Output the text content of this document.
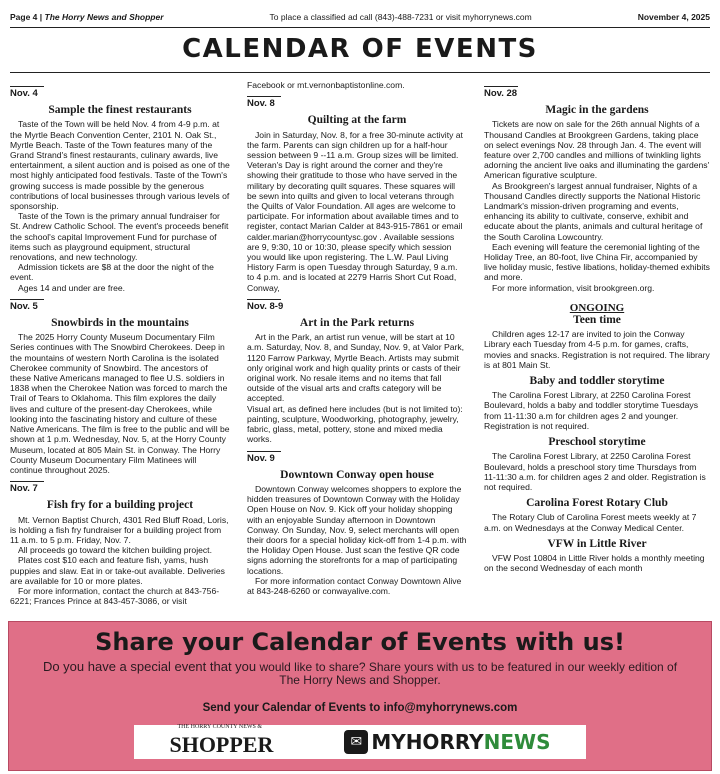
Page 4 | The Horry News and Shopper	To place a classified ad call (843)-488-7231 or visit myhorrynews.com	November 4, 2025
CALENDAR OF EVENTS
Nov. 4
Sample the finest restaurants

Taste of the Town will be held Nov. 4 from 4-9 p.m. at the Myrtle Beach Convention Center, 2101 N. Oak St., Myrtle Beach. Taste of the Town features many of the Grand Strand's finest restaurants, culinary awards, live entertainment, a silent auction and is poised as one of the most highly anticipated food festivals. Taste of the Town's growing success is made possible by the generous contributions of local businesses through various levels of sponsorship.

Taste of the Town is the primary annual fundraiser for St. Andrew Catholic School. The event's proceeds benefit the school's capital Improvement Fund for purchase of items such as playground equipment, structural renovations, and new technology.

Admission tickets are $8 at the door the night of the event.

Ages 14 and under are free.

Nov. 5
Snowbirds in the mountains

The 2025 Horry County Museum Documentary Film Series continues with The Snowbird Cherokees. Deep in the mountains of western North Carolina is the isolated Cherokee community of Snowbird. The ancestors of these Native Americans managed to flee U.S. soldiers in 1838 when the Cherokee Nation was forced to march the Trail of Tears to Oklahoma. This film explores the daily lives and culture of the present-day Cherokees, while looking into the fascinating history and culture of these Native Americans. The film is free to the public and will be shown at 1 p.m. Wednesday, Nov. 5, at the Horry County Museum, located at 805 Main St. in Conway. The Horry County Museum Documentary Film Matinees will continue throughout 2025.

Nov. 7
Fish fry for a building project

Mt. Vernon Baptist Church, 4301 Red Bluff Road, Loris, is holding a fish fry fundraiser for a building project from 11 a.m. to 5 p.m. Friday, Nov. 7.

All proceeds go toward the kitchen building project.

Plates cost $10 each and feature fish, yams, hush puppies and slaw. Eat in or take-out available. Deliveries are available for 10 or more plates.

For more information, contact the church at 843-756-6221; Frances Prince at 843-457-3086, or visit

Facebook or mt.vernonbaptistonline.com.

Nov. 8
Quilting at the farm

Join in Saturday, Nov. 8, for a free 30-minute activity at the farm. Parents can sign children up for a half-hour session between 9 --11 a.m. Group sizes will be limited. Veteran's Day is right around the corner and they're showing their gratitude to those who have served in the military by decorating quilt squares. These squares will be sewn into quilts and given to local veterans through the Quilts of Valor Foundation. All ages are welcome to participate. For information about available times and to register, contact Marian Calder at 843-915-7861 or email calder.marian@horrycountysc.gov . Available sessions are 9, 9:30, 10 or 10:30, please specify which session you would like upon registering. The L.W. Paul Living History Farm is open Tuesday through Saturday, 9 a.m. to 4 p.m. and is located at 2279 Harris Short Cut Road, Conway,

Nov. 8-9
Art in the Park returns

Art in the Park, an artist run venue, will be start at 10 a.m. Saturday, Nov. 8, and Sunday, Nov. 9, at Valor Park, 1120 Farrow Parkway, Myrtle Beach. Artists may submit only original work and high quality prints or casts of their original work. No resale items and no items that fall outside of the visual arts and crafts category will be accepted.

Visual art, as defined here includes (but is not limited to): painting, sculpture, Woodworking, photography, jewelry, fabric, glass, metal, pottery, stone and mixed media works.

Nov. 9
Downtown Conway open house

Downtown Conway welcomes shoppers to explore the hidden treasures of Downtown Conway with the Holiday Open House on Nov. 9. Kick off your holiday shopping with an enjoyable Sunday afternoon in Downtown Conway. On Sunday, Nov. 9, select merchants will open their doors for a special holiday kick-off from 1-4 p.m. with the Holiday Open House. Just scan the festive QR code signs adorning the storefronts for a map of participating locations.

For more information contact Conway Downtown Alive at 843-248-6260 or conwayalive.com.

Nov. 28
Magic in the gardens

Tickets are now on sale for the 26th annual Nights of a Thousand Candles at Brookgreen Gardens, taking place on select evenings Nov. 28 through Jan. 4. The event will feature over 2,700 candles and millions of twinkling lights adorning the ancient live oaks and illuminating the gardens' American figurative sculpture.

As Brookgreen's largest annual fundraiser, Nights of a Thousand Candles directly supports the National Historic Landmark's mission-driven programing and events, enhancing its ability to cultivate, conserve, exhibit and educate about the plants, animals and cultural heritage of the South Carolina Lowcountry.

Each evening will feature the ceremonial lighting of the Holiday Tree, an 80-foot, live China Fir, accompanied by live holiday music, festive libations, holiday-themed exhibits and more.

For more information, visit brookgreen.org.

ONGOING
Teen time

Children ages 12-17 are invited to join the Conway Library each Tuesday from 4-5 p.m. for games, crafts, movies and snacks. Registration is not required. The library is at 801 Main St.

Baby and toddler storytime

The Carolina Forest Library, at 2250 Carolina Forest Boulevard, holds a baby and toddler storytime Tuesdays from 11-11:30 a.m for children ages 2 and younger. Registration is not required.

Preschool storytime

The Carolina Forest Library, at 2250 Carolina Forest Boulevard, holds a preschool story time Thursdays from 11-11:30 a.m. for children ages 2 and older. Registration is not required.

Carolina Forest Rotary Club

The Rotary Club of Carolina Forest meets weekly at 7 a.m. on Wednesdays at the Conway Medical Center.

VFW in Little River

VFW Post 10804 in Little River holds a monthly meeting on the second Wednesday of each month

Share your Calendar of Events with us!
Do you have a special event that you would like to share? Share yours with us to be featured in our weekly edition of The Horry News and Shopper.
Send your Calendar of Events to info@myhorrynews.com
THE HORRY COUNTY NEWS &
SHOPPER	✉ MYHORRY NEWS
